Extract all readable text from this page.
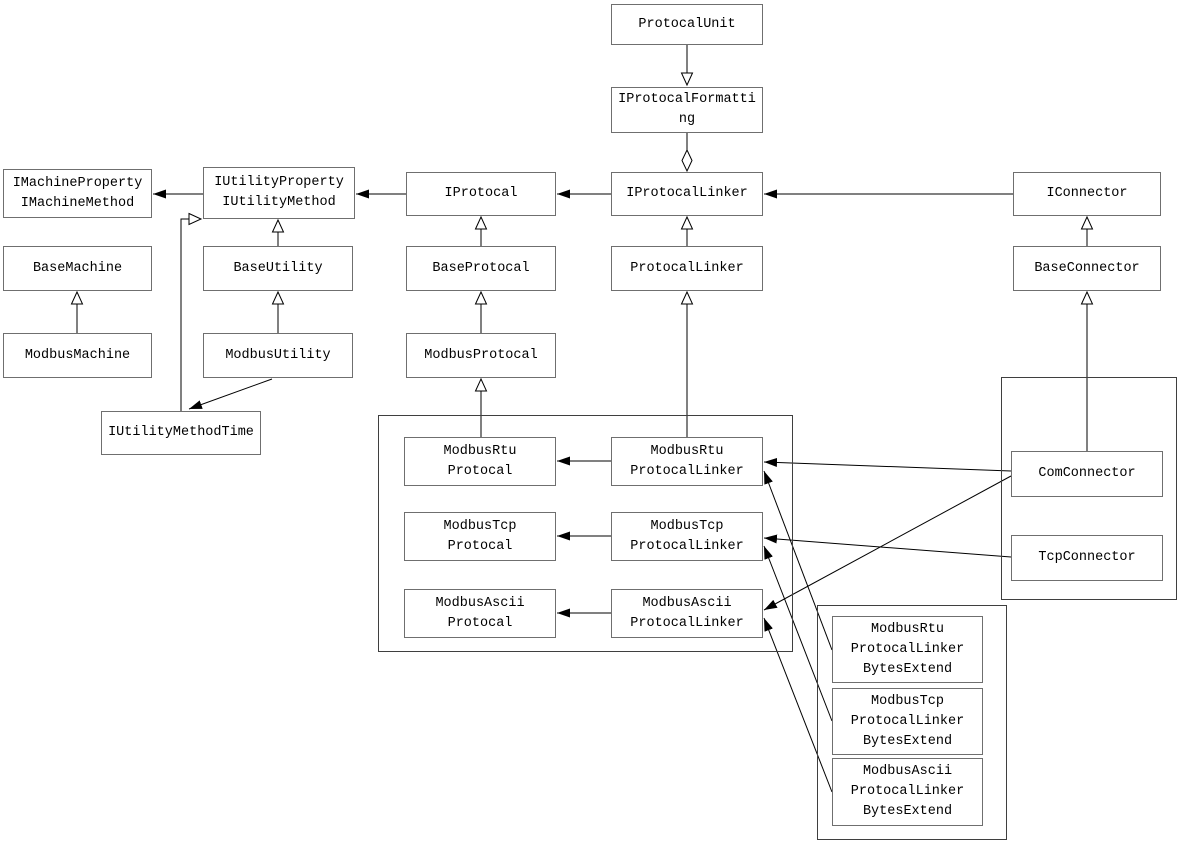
ProtocalUnit
IProtocalFormatti
ng
IProtocalLinker
IProtocal
IUtilityProperty
IUtilityMethod
IMachineProperty
IMachineMethod
BaseMachine
ModbusMachine
BaseUtility
ModbusUtility
BaseProtocal
ModbusProtocal
ProtocalLinker
IConnector
BaseConnector
IUtilityMethodTime
ModbusRtu
Protocal
ModbusRtu
ProtocalLinker
ModbusTcp
Protocal
ModbusTcp
ProtocalLinker
ModbusAscii
Protocal
ModbusAscii
ProtocalLinker
ComConnector
TcpConnector
ModbusRtu
ProtocalLinker
BytesExtend
ModbusTcp
ProtocalLinker
BytesExtend
ModbusAscii
ProtocalLinker
BytesExtend
